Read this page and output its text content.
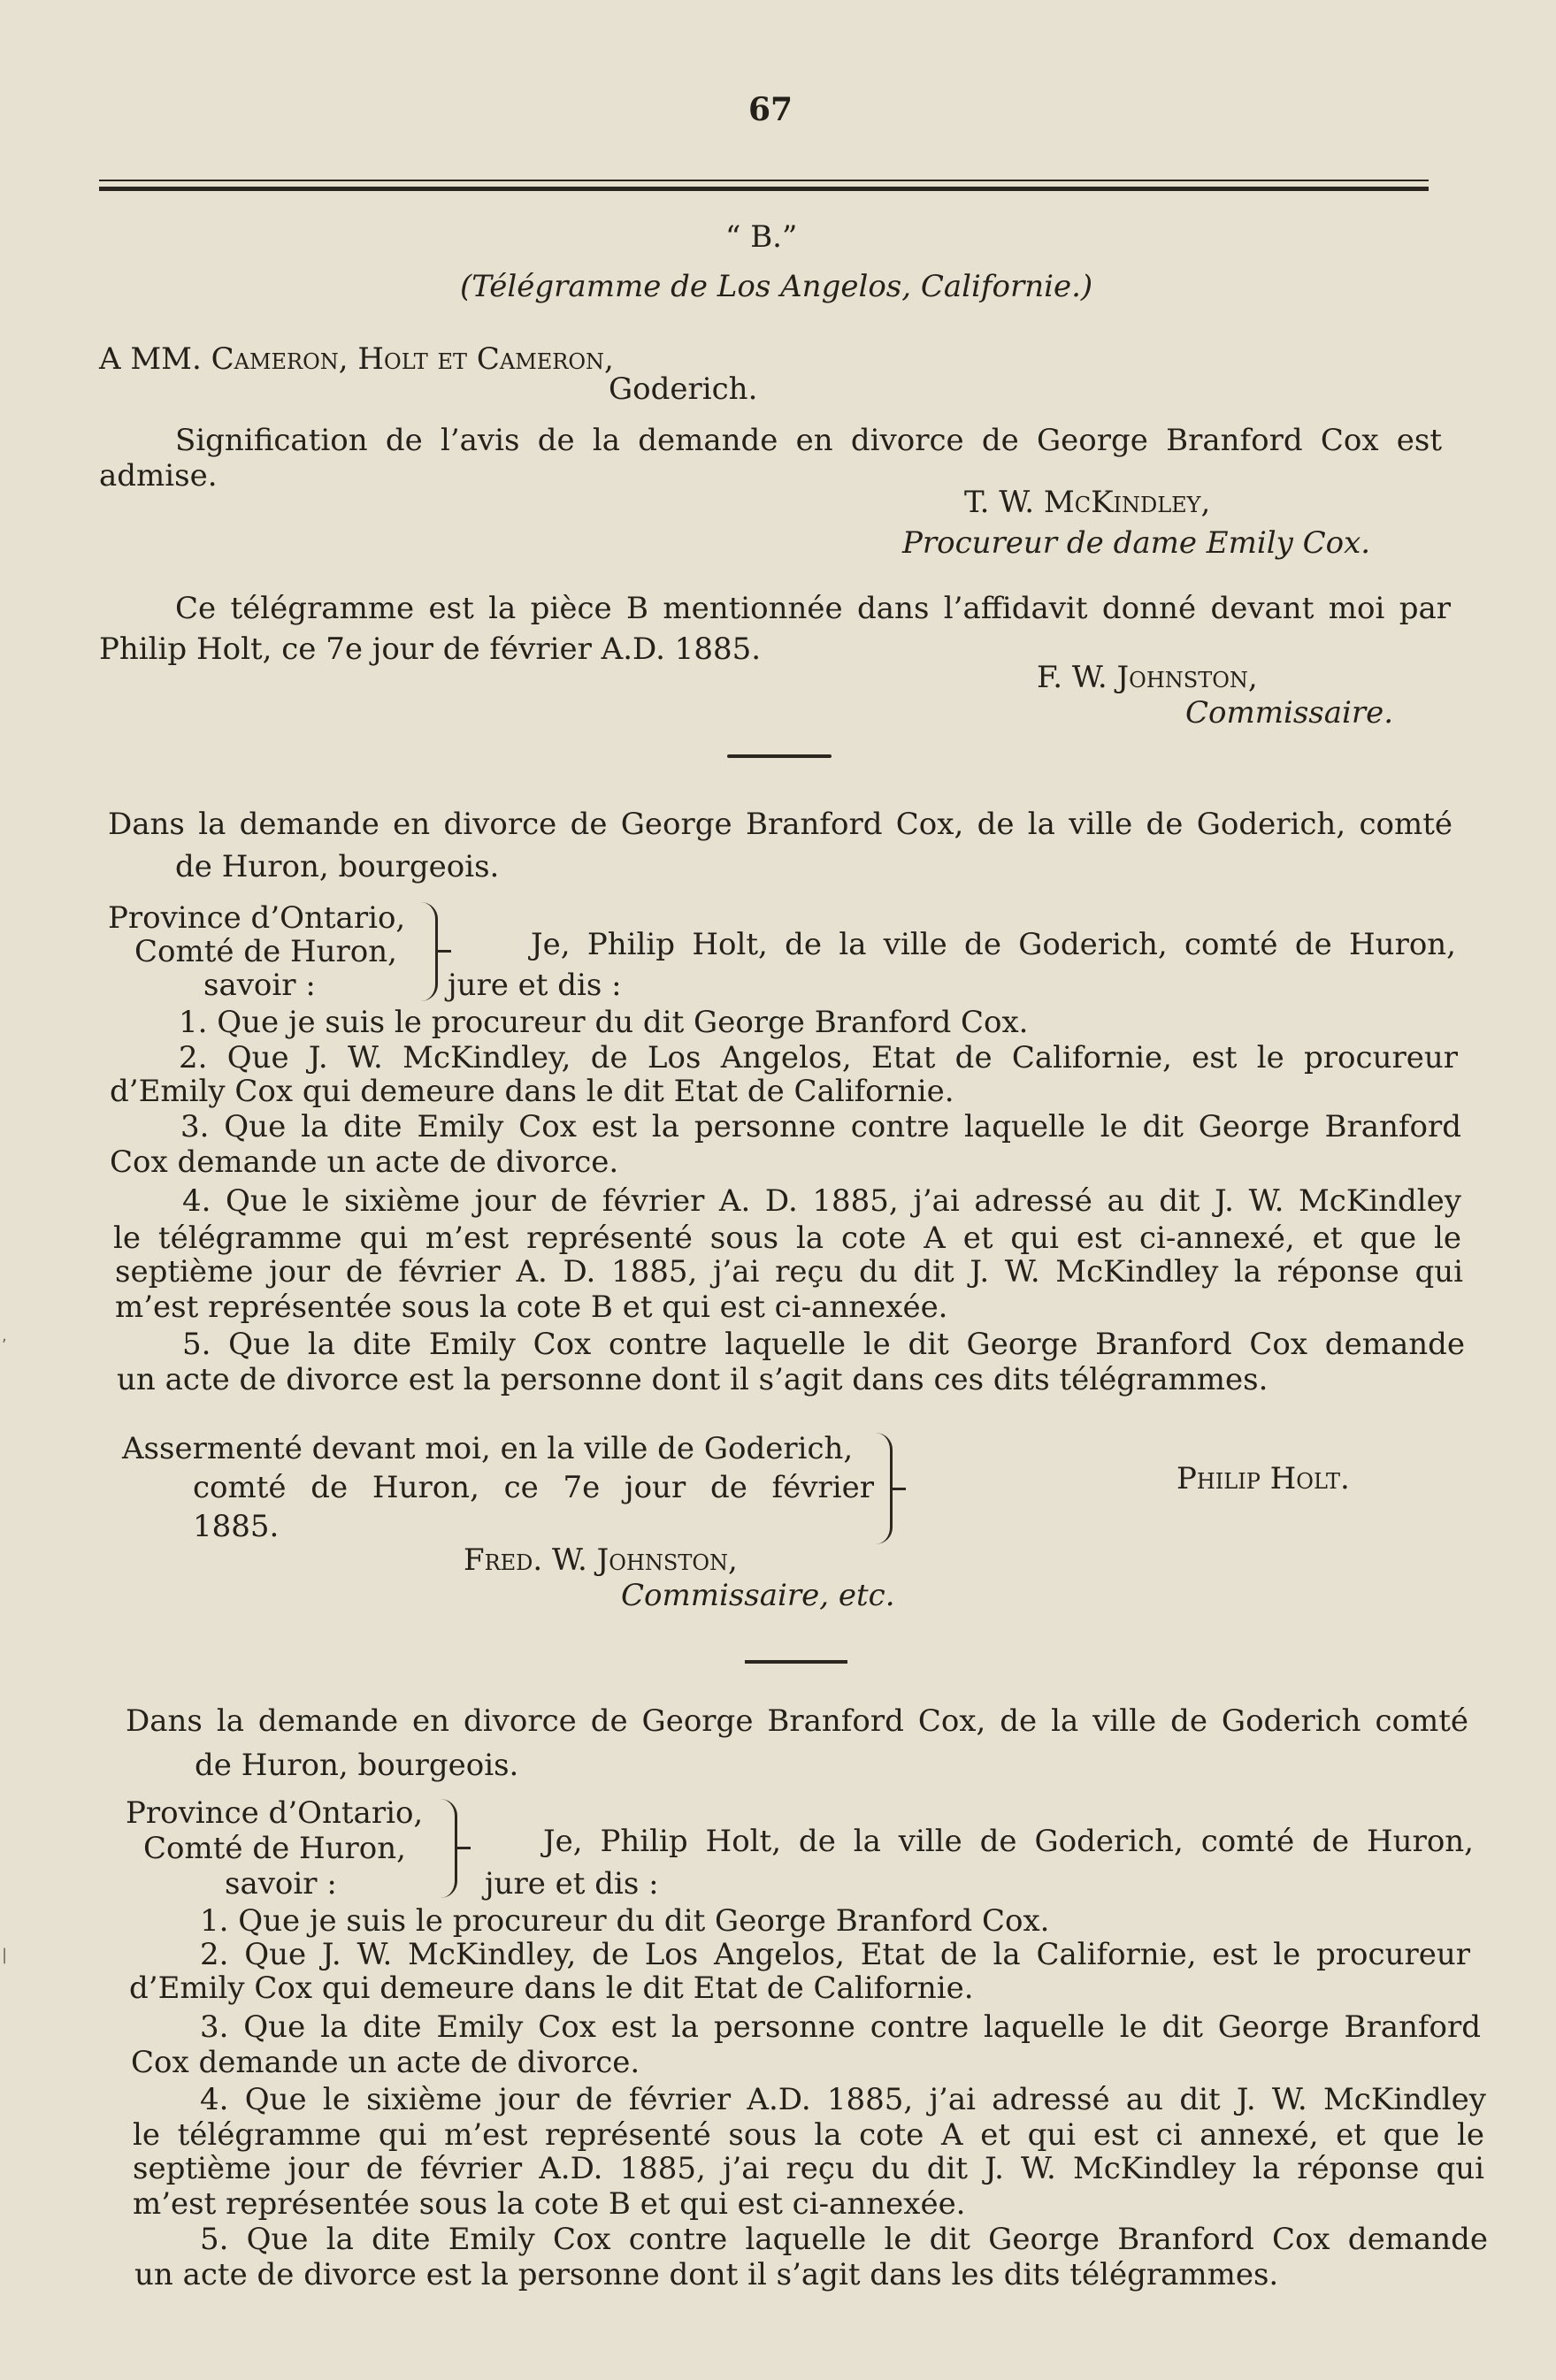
67
“ B.”
(Télégramme de Los Angelos, Californie.)
A MM. Cameron, Holt et Cameron,
Goderich.
Signification de l’avis de la demande en divorce de George Branford Cox est
admise.
T. W. McKindley,
Procureur de dame Emily Cox.
Ce télégramme est la pièce B mentionnée dans l’affidavit donné devant moi par
Philip Holt, ce 7e jour de février A.D. 1885.
F. W. Johnston,
Commissaire.
Dans la demande en divorce de George Branford Cox, de la ville de Goderich, comté
de Huron, bourgeois.
Province d’Ontario,
Comté de Huron,
savoir :
Je, Philip Holt, de la ville de Goderich, comté de Huron,
jure et dis :
1. Que je suis le procureur du dit George Branford Cox.
2. Que J. W. McKindley, de Los Angelos, Etat de Californie, est le procureur
d’Emily Cox qui demeure dans le dit Etat de Californie.
3. Que la dite Emily Cox est la personne contre laquelle le dit George Branford
Cox demande un acte de divorce.
4. Que le sixième jour de février A. D. 1885, j’ai adressé au dit J. W. McKindley
le télégramme qui m’est représenté sous la cote A et qui est ci-annexé, et que le
septième jour de février A. D. 1885, j’ai reçu du dit J. W. McKindley la réponse qui
m’est représentée sous la cote B et qui est ci-annexée.
5. Que la dite Emily Cox contre laquelle le dit George Branford Cox demande
un acte de divorce est la personne dont il s’agit dans ces dits télégrammes.
Assermenté devant moi, en la ville de Goderich,
comté de Huron, ce 7e jour de février
1885.
Philip Holt.
Fred. W. Johnston,
Commissaire, etc.
Dans la demande en divorce de George Branford Cox, de la ville de Goderich comté
de Huron, bourgeois.
Province d’Ontario,
Comté de Huron,
savoir :
Je, Philip Holt, de la ville de Goderich, comté de Huron,
jure et dis :
1. Que je suis le procureur du dit George Branford Cox.
2. Que J. W. McKindley, de Los Angelos, Etat de la Californie, est le procureur
d’Emily Cox qui demeure dans le dit Etat de Californie.
3. Que la dite Emily Cox est la personne contre laquelle le dit George Branford
Cox demande un acte de divorce.
4. Que le sixième jour de février A.D. 1885, j’ai adressé au dit J. W. McKindley
le télégramme qui m’est représenté sous la cote A et qui est ci annexé, et que le
septième jour de février A.D. 1885, j’ai reçu du dit J. W. McKindley la réponse qui
m’est représentée sous la cote B et qui est ci-annexée.
5. Que la dite Emily Cox contre laquelle le dit George Branford Cox demande
un acte de divorce est la personne dont il s’agit dans les dits télégrammes.
,
|
